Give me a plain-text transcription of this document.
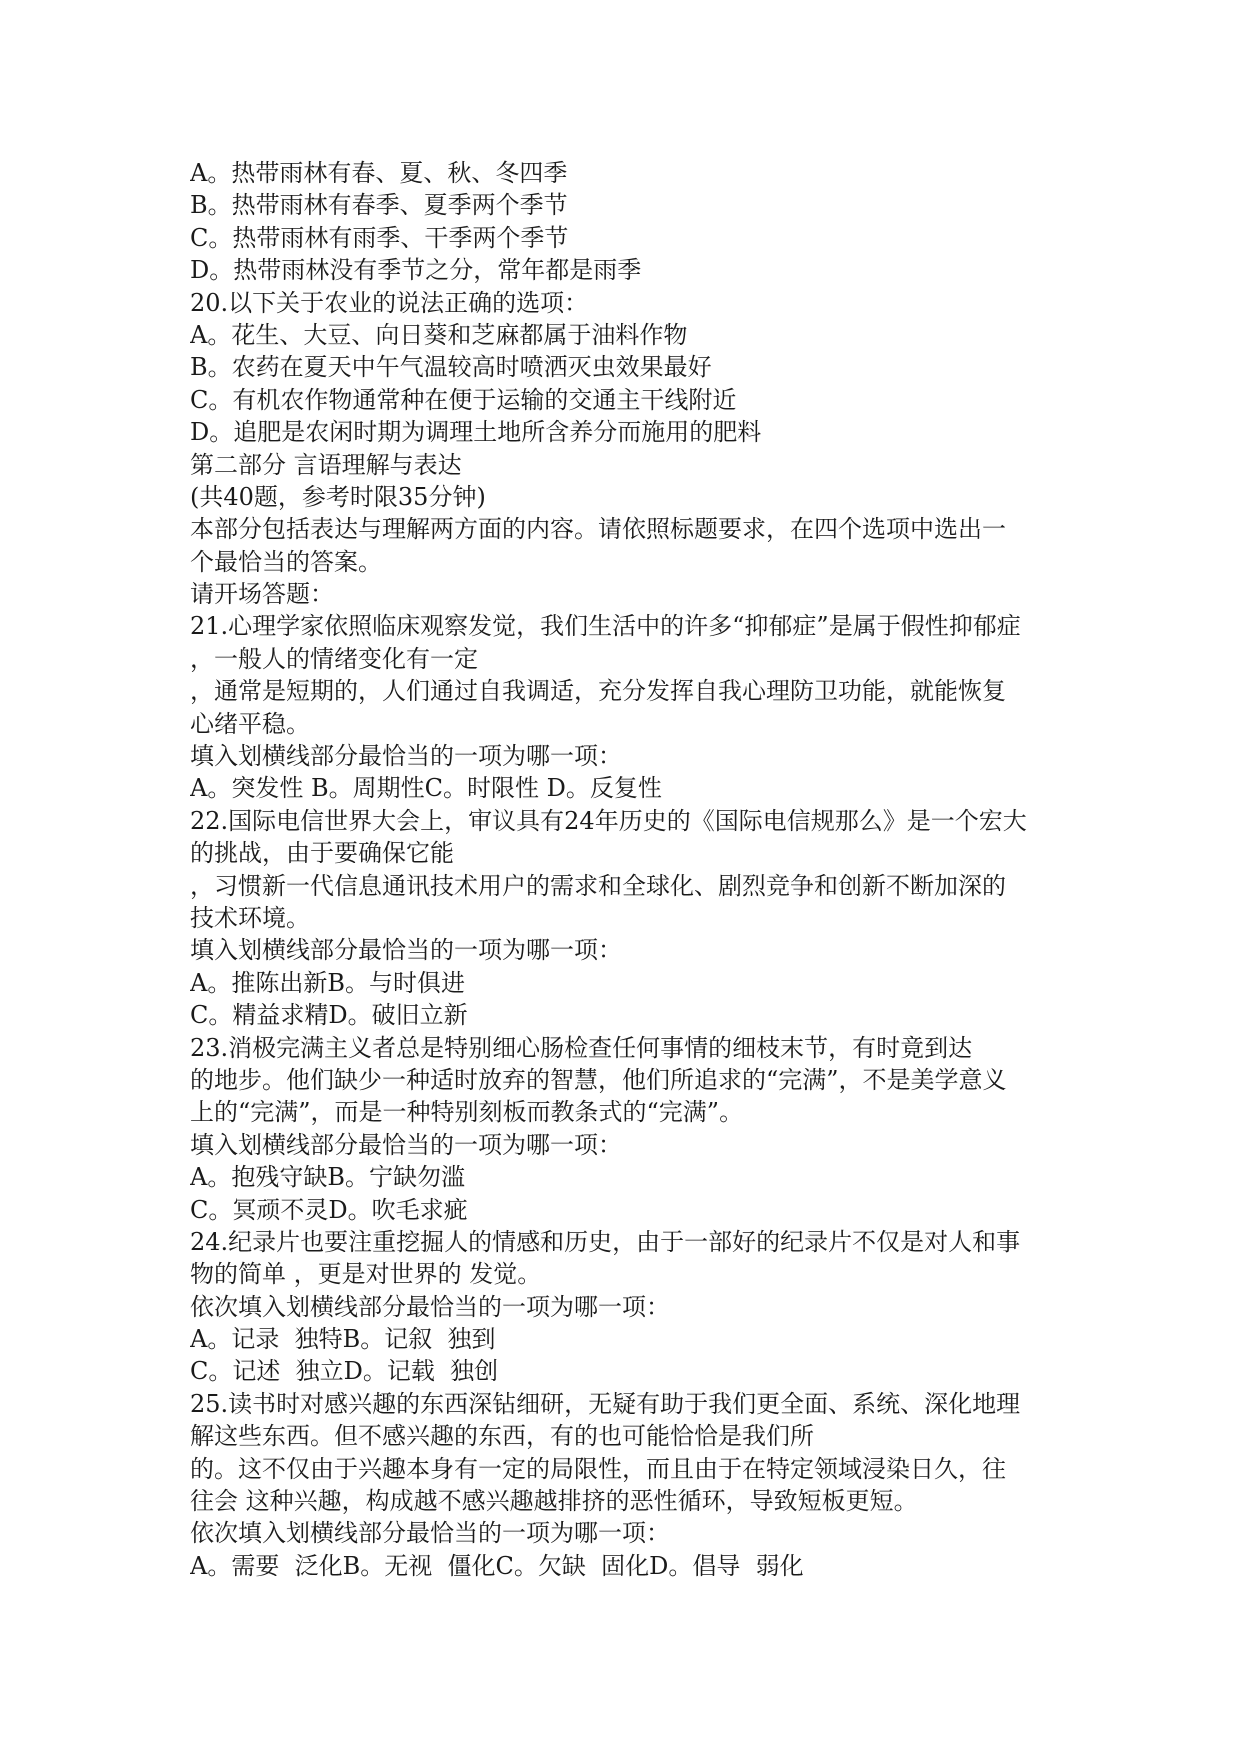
A。热带雨林有春、夏、秋、冬四季
B。热带雨林有春季、夏季两个季节
C。热带雨林有雨季、干季两个季节
D。热带雨林没有季节之分，常年都是雨季
20.以下关于农业的说法正确的选项：
A。花生、大豆、向日葵和芝麻都属于油料作物
B。农药在夏天中午气温较高时喷洒灭虫效果最好
C。有机农作物通常种在便于运输的交通主干线附近
D。追肥是农闲时期为调理土地所含养分而施用的肥料
第二部分 言语理解与表达
(共40题，参考时限35分钟)
本部分包括表达与理解两方面的内容。请依照标题要求，在四个选项中选出一
个最恰当的答案。
请开场答题：
21.心理学家依照临床观察发觉，我们生活中的许多“抑郁症”是属于假性抑郁症
，一般人的情绪变化有一定
，通常是短期的，人们通过自我调适，充分发挥自我心理防卫功能，就能恢复
心绪平稳。
填入划横线部分最恰当的一项为哪一项：
A。突发性 B。周期性C。时限性 D。反复性
22.国际电信世界大会上，审议具有24年历史的《国际电信规那么》是一个宏大
的挑战，由于要确保它能
，习惯新一代信息通讯技术用户的需求和全球化、剧烈竞争和创新不断加深的
技术环境。
填入划横线部分最恰当的一项为哪一项：
A。推陈出新B。与时俱进
C。精益求精D。破旧立新
23.消极完满主义者总是特别细心肠检查任何事情的细枝末节，有时竟到达
的地步。他们缺少一种适时放弃的智慧，他们所追求的“完满”，不是美学意义
上的“完满”，而是一种特别刻板而教条式的“完满”。
填入划横线部分最恰当的一项为哪一项：
A。抱残守缺B。宁缺勿滥
C。冥顽不灵D。吹毛求疵
24.纪录片也要注重挖掘人的情感和历史，由于一部好的纪录片不仅是对人和事
物的简单 ，更是对世界的 发觉。
依次填入划横线部分最恰当的一项为哪一项：
A。记录  独特B。记叙  独到
C。记述  独立D。记载  独创
25.读书时对感兴趣的东西深钻细研，无疑有助于我们更全面、系统、深化地理
解这些东西。但不感兴趣的东西，有的也可能恰恰是我们所
的。这不仅由于兴趣本身有一定的局限性，而且由于在特定领域浸染日久，往
往会 这种兴趣，构成越不感兴趣越排挤的恶性循环，导致短板更短。
依次填入划横线部分最恰当的一项为哪一项：
A。需要  泛化B。无视  僵化C。欠缺  固化D。倡导  弱化
